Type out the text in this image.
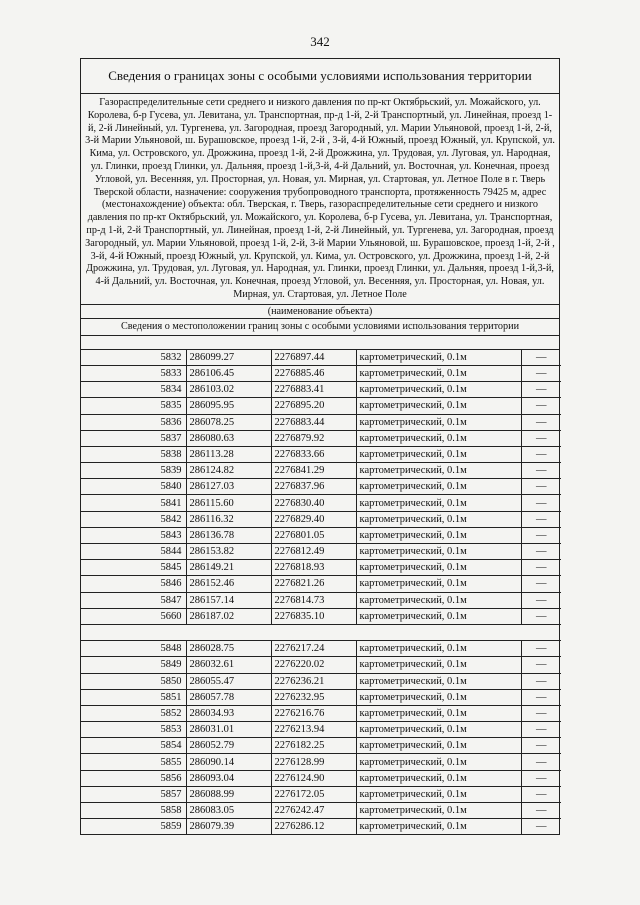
342
Сведения о границах зоны с особыми условиями использования территории
Газораспределительные сети среднего и низкого давления по пр-кт Октябрьский, ул. Можайского, ул. Королева, б-р Гусева, ул. Левитана, ул. Транспортная, пр-д 1-й, 2-й Транспортный, ул. Линейная, проезд 1-й, 2-й Линейный, ул. Тургенева, ул. Загородная, проезд Загородный, ул. Марии Ульяновой, проезд 1-й, 2-й, 3-й Марии Ульяновой, ш. Бурашовское, проезд 1-й, 2-й , 3-й, 4-й Южный, проезд Южный, ул. Крупской, ул. Кима, ул. Островского, ул. Дрожжина, проезд 1-й, 2-й Дрожжина, ул. Трудовая, ул. Луговая, ул. Народная, ул. Глинки, проезд Глинки, ул. Дальняя, проезд 1-й,3-й, 4-й Дальний, ул. Восточная, ул. Конечная, проезд Угловой, ул. Весенняя, ул. Просторная, ул. Новая, ул. Мирная, ул. Стартовая, ул. Летное Поле в г. Тверь Тверской области, назначение: сооружения трубопроводного транспорта, протяженность 79425 м, адрес (местонахождение) объекта: обл. Тверская, г. Тверь, газораспределительные сети среднего и низкого давления по пр-кт Октябрьский, ул. Можайского, ул. Королева, б-р Гусева, ул. Левитана, ул. Транспортная, пр-д 1-й, 2-й Транспортный, ул. Линейная, проезд 1-й, 2-й Линейный, ул. Тургенева, ул. Загородная, проезд Загородный, ул. Марии Ульяновой, проезд 1-й, 2-й, 3-й Марии Ульяновой, ш. Бурашовское, проезд 1-й, 2-й , 3-й, 4-й Южный, проезд Южный, ул. Крупской, ул. Кима, ул. Островского, ул. Дрожжина, проезд 1-й, 2-й Дрожжина, ул. Трудовая, ул. Луговая, ул. Народная, ул. Глинки, проезд Глинки, ул. Дальняя, проезд 1-й,3-й, 4-й Дальний, ул. Восточная, ул. Конечная, проезд Угловой, ул. Весенняя, ул. Просторная, ул. Новая, ул. Мирная, ул. Стартовая, ул. Летное Поле
(наименование объекта)
Сведения о местоположении границ зоны с особыми условиями использования территории
5832	286099.27	2276897.44	картометрический, 0.1м	—
5833	286106.45	2276885.46	картометрический, 0.1м	—
5834	286103.02	2276883.41	картометрический, 0.1м	—
5835	286095.95	2276895.20	картометрический, 0.1м	—
5836	286078.25	2276883.44	картометрический, 0.1м	—
5837	286080.63	2276879.92	картометрический, 0.1м	—
5838	286113.28	2276833.66	картометрический, 0.1м	—
5839	286124.82	2276841.29	картометрический, 0.1м	—
5840	286127.03	2276837.96	картометрический, 0.1м	—
5841	286115.60	2276830.40	картометрический, 0.1м	—
5842	286116.32	2276829.40	картометрический, 0.1м	—
5843	286136.78	2276801.05	картометрический, 0.1м	—
5844	286153.82	2276812.49	картометрический, 0.1м	—
5845	286149.21	2276818.93	картометрический, 0.1м	—
5846	286152.46	2276821.26	картометрический, 0.1м	—
5847	286157.14	2276814.73	картометрический, 0.1м	—
5660	286187.02	2276835.10	картометрический, 0.1м	—

5848	286028.75	2276217.24	картометрический, 0.1м	—
5849	286032.61	2276220.02	картометрический, 0.1м	—
5850	286055.47	2276236.21	картометрический, 0.1м	—
5851	286057.78	2276232.95	картометрический, 0.1м	—
5852	286034.93	2276216.76	картометрический, 0.1м	—
5853	286031.01	2276213.94	картометрический, 0.1м	—
5854	286052.79	2276182.25	картометрический, 0.1м	—
5855	286090.14	2276128.99	картометрический, 0.1м	—
5856	286093.04	2276124.90	картометрический, 0.1м	—
5857	286088.99	2276172.05	картометрический, 0.1м	—
5858	286083.05	2276242.47	картометрический, 0.1м	—
5859	286079.39	2276286.12	картометрический, 0.1м	—
